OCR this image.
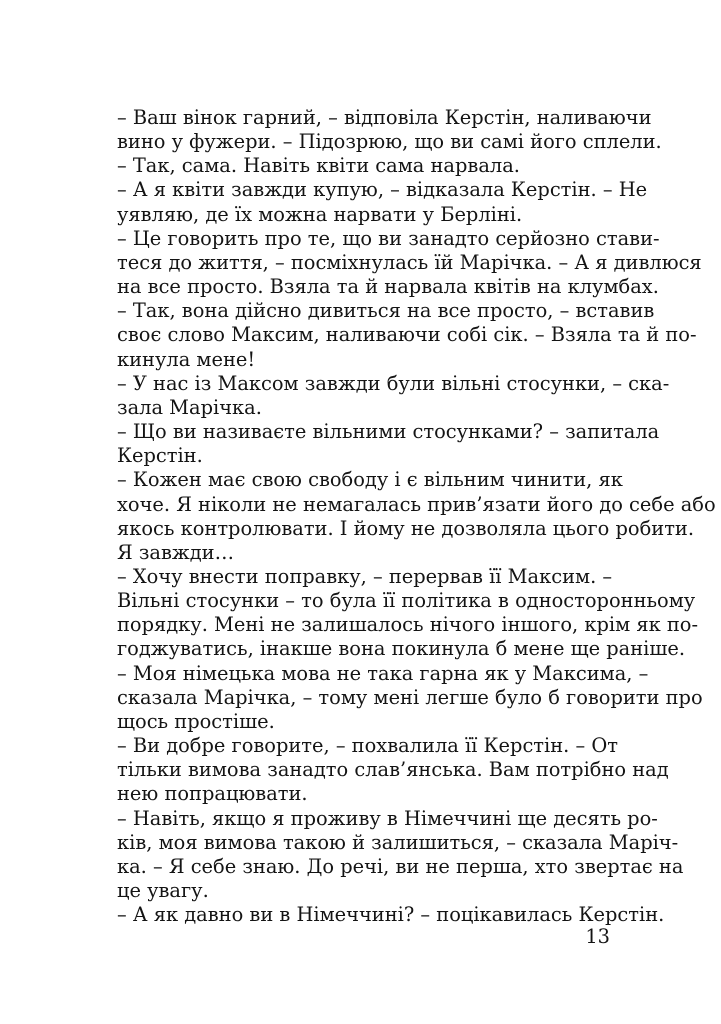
– Ваш вінок гарний, – відповіла Керстін, наливаючи
вино у фужери. – Підозрюю, що ви самі його сплели.
– Так, сама. Навіть квіти сама нарвала.
– А я квіти завжди купую, – відказала Керстін. – Не
уявляю, де їх можна нарвати у Берліні.
– Це говорить про те, що ви занадто серйозно стави-
теся до життя, – посміхнулась їй Марічка. – А я дивлюся
на все просто. Взяла та й нарвала квітів на клумбах.
– Так, вона дійсно дивиться на все просто, – вставив
своє слово Максим, наливаючи собі сік. – Взяла та й по-
кинула мене!
– У нас із Максом завжди були вільні стосунки, – ска-
зала Марічка.
– Що ви називаєте вільними стосунками? – запитала
Керстін.
– Кожен має свою свободу і є вільним чинити, як
хоче. Я ніколи не немагалась прив’язати його до себе або
якось контролювати. І йому не дозволяла цього робити.
Я завжди…
– Хочу внести поправку, – перервав її Максим. –
Вільні стосунки – то була її політика в односторонньому
порядку. Мені не залишалось нічого іншого, крім як по-
годжуватись, інакше вона покинула б мене ще раніше.
– Моя німецька мова не така гарна як у Максима, –
сказала Марічка, – тому мені легше було б говорити про
щось простіше.
– Ви добре говорите, – похвалила її Керстін. – От
тільки вимова занадто слав’янська. Вам потрібно над
нею попрацювати.
– Навіть, якщо я проживу в Німеччині ще десять ро-
ків, моя вимова такою й залишиться, – сказала Маріч-
ка. – Я себе знаю. До речі, ви не перша, хто звертає на
це увагу.
– А як давно ви в Німеччині? – поцікавилась Керстін.
13
